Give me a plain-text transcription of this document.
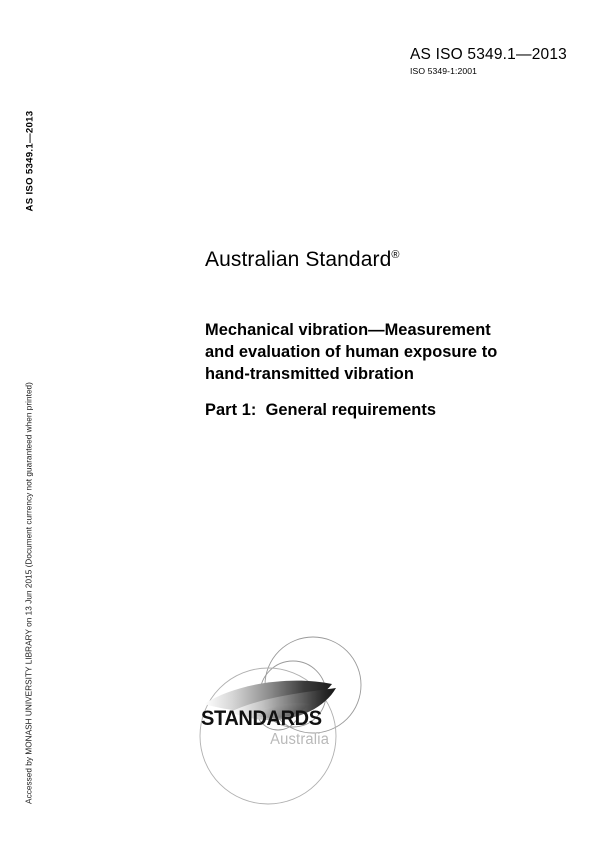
AS ISO 5349.1—2013
ISO 5349-1:2001
AS ISO 5349.1—2013
Accessed by MONASH UNIVERSITY LIBRARY on 13 Jun 2015 (Document currency not guaranteed when printed)
Australian Standard®
Mechanical vibration—Measurement
and evaluation of human exposure to
hand-transmitted vibration
Part 1:  General requirements
STANDARDS
Australia
